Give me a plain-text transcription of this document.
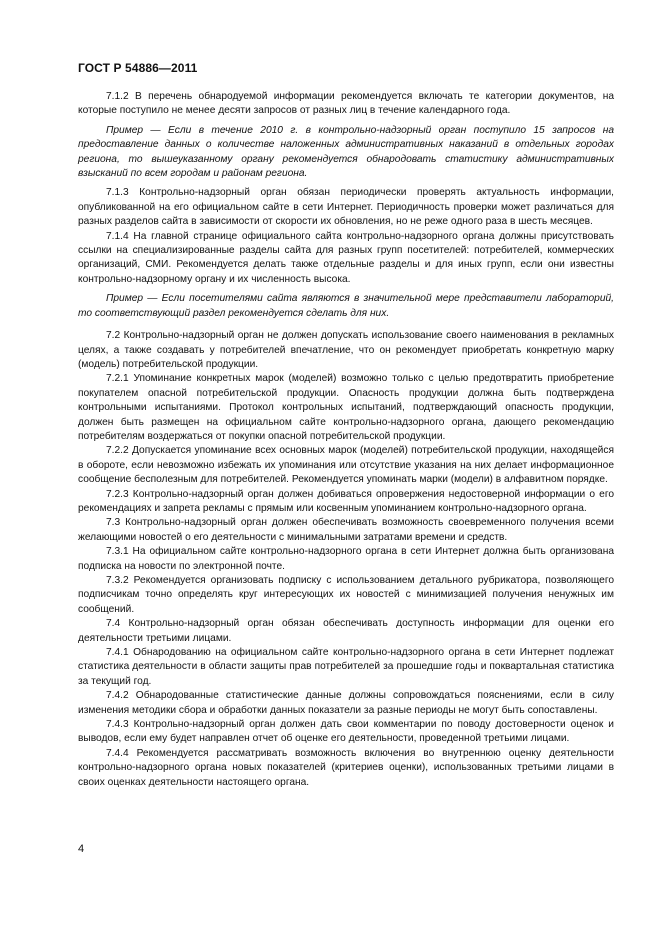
ГОСТ Р 54886—2011

7.1.2 В перечень обнародуемой информации рекомендуется включать те категории документов, на которые поступило не менее десяти запросов от разных лиц в течение календарного года.

Пример — Если в течение 2010 г. в контрольно-надзорный орган поступило 15 запросов на предоставление данных о количестве наложенных административных наказаний в отдельных городах региона, то вышеуказанному органу рекомендуется обнародовать статистику административных взысканий по всем городам и районам региона.

7.1.3 Контрольно-надзорный орган обязан периодически проверять актуальность информации, опубликованной на его официальном сайте в сети Интернет. Периодичность проверки может различаться для разных разделов сайта в зависимости от скорости их обновления, но не реже одного раза в шесть месяцев.

7.1.4 На главной странице официального сайта контрольно-надзорного органа должны присутствовать ссылки на специализированные разделы сайта для разных групп посетителей: потребителей, коммерческих организаций, СМИ. Рекомендуется делать также отдельные разделы и для иных групп, если они известны контрольно-надзорному органу и их численность высока.

Пример — Если посетителями сайта являются в значительной мере представители лабораторий, то соответствующий раздел рекомендуется сделать для них.

7.2 Контрольно-надзорный орган не должен допускать использование своего наименования в рекламных целях, а также создавать у потребителей впечатление, что он рекомендует приобретать конкретную марку (модель) потребительской продукции.

7.2.1 Упоминание конкретных марок (моделей) возможно только с целью предотвратить приобретение покупателем опасной потребительской продукции. Опасность продукции должна быть подтверждена контрольными испытаниями. Протокол контрольных испытаний, подтверждающий опасность продукции, должен быть размещен на официальном сайте контрольно-надзорного органа, дающего рекомендацию потребителям воздержаться от покупки опасной потребительской продукции.

7.2.2 Допускается упоминание всех основных марок (моделей) потребительской продукции, находящейся в обороте, если невозможно избежать их упоминания или отсутствие указания на них делает информационное сообщение бесполезным для потребителей. Рекомендуется упоминать марки (модели) в алфавитном порядке.

7.2.3 Контрольно-надзорный орган должен добиваться опровержения недостоверной информации о его рекомендациях и запрета рекламы с прямым или косвенным упоминанием контрольно-надзорного органа.

7.3 Контрольно-надзорный орган должен обеспечивать возможность своевременного получения всеми желающими новостей о его деятельности с минимальными затратами времени и средств.

7.3.1 На официальном сайте контрольно-надзорного органа в сети Интернет должна быть организована подписка на новости по электронной почте.

7.3.2 Рекомендуется организовать подписку с использованием детального рубрикатора, позволяющего подписчикам точно определять круг интересующих их новостей с минимизацией получения ненужных им сообщений.

7.4 Контрольно-надзорный орган обязан обеспечивать доступность информации для оценки его деятельности третьими лицами.

7.4.1 Обнародованию на официальном сайте контрольно-надзорного органа в сети Интернет подлежат статистика деятельности в области защиты прав потребителей за прошедшие годы и поквартальная статистика за текущий год.

7.4.2 Обнародованные статистические данные должны сопровождаться пояснениями, если в силу изменения методики сбора и обработки данных показатели за разные периоды не могут быть сопоставлены.

7.4.3 Контрольно-надзорный орган должен дать свои комментарии по поводу достоверности оценок и выводов, если ему будет направлен отчет об оценке его деятельности, проведенной третьими лицами.

7.4.4 Рекомендуется рассматривать возможность включения во внутреннюю оценку деятельности контрольно-надзорного органа новых показателей (критериев оценки), использованных третьими лицами в своих оценках деятельности настоящего органа.

4
